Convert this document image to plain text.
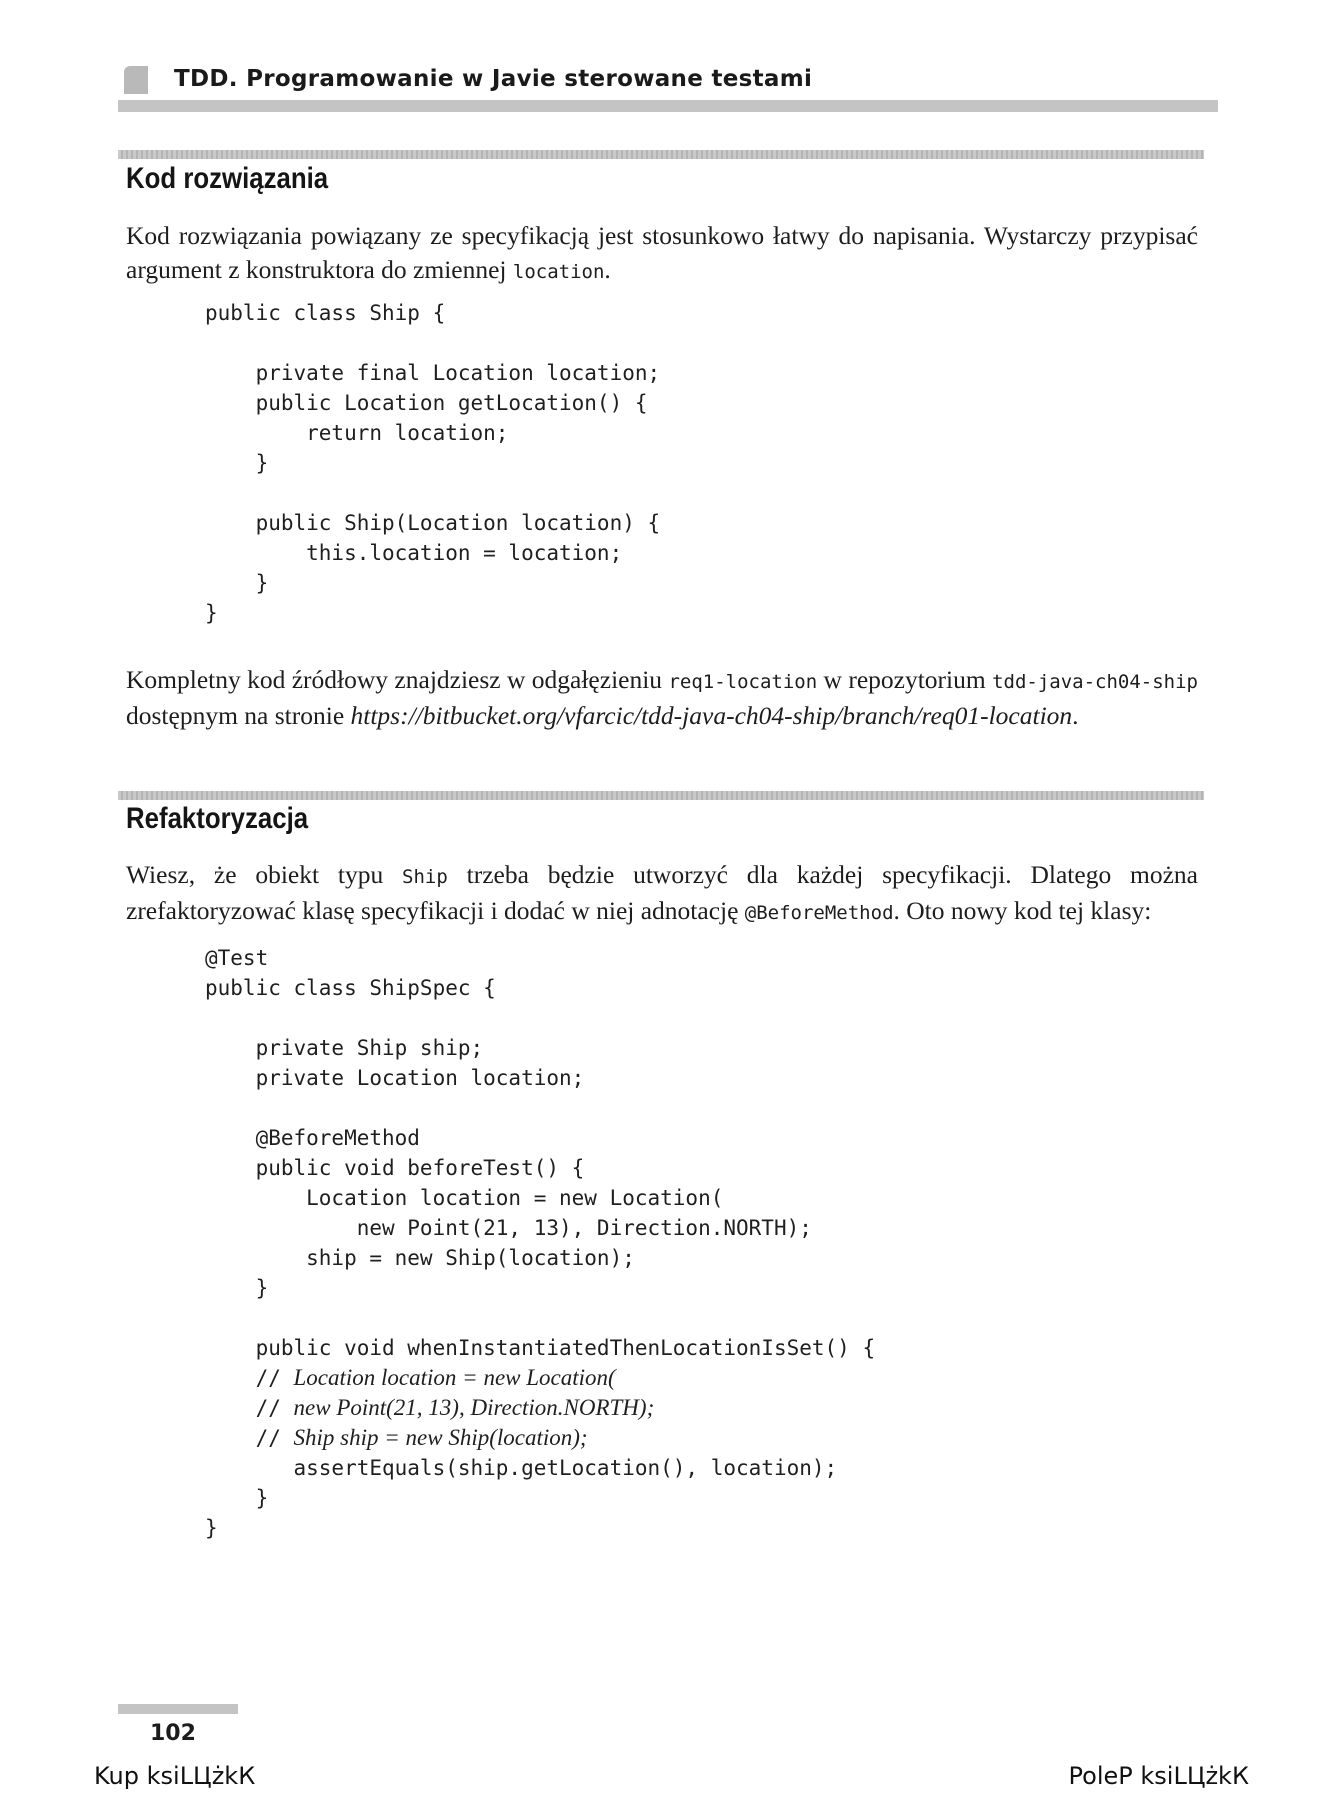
TDD. Programowanie w Javie sterowane testami
Kod rozwiązania
Kod rozwiązania powiązany ze specyfikacją jest stosunkowo łatwy do napisania. Wystarczy przypisać argument z konstruktora do zmiennej location.
public class Ship {

private final Location location;
public Location getLocation() {
return location;
}

public Ship(Location location) {
this.location = location;
}
}

Kompletny kod źródłowy znajdziesz w odgałęzieniu req1-location w repozytorium tdd-java-ch04-ship dostępnym na stronie https://bitbucket.org/vfarcic/tdd-java-ch04-ship/branch/req01-location.
Refaktoryzacja
Wiesz, że obiekt typu Ship trzeba będzie utworzyć dla każdej specyfikacji. Dlatego można zrefaktoryzować klasę specyfikacji i dodać w niej adnotację @BeforeMethod. Oto nowy kod tej klasy:
@Test
public class ShipSpec {

private Ship ship;
private Location location;

@BeforeMethod
public void beforeTest() {
Location location = new Location(
new Point(21, 13), Direction.NORTH);
ship = new Ship(location);
}

public void whenInstantiatedThenLocationIsSet() {
// Location location = new Location(
// new Point(21, 13), Direction.NORTH);
// Ship ship = new Ship(location);
assertEquals(ship.getLocation(), location);
}
}

102
Kup ksiLЦżkК	PoleР ksiLЦżkК
